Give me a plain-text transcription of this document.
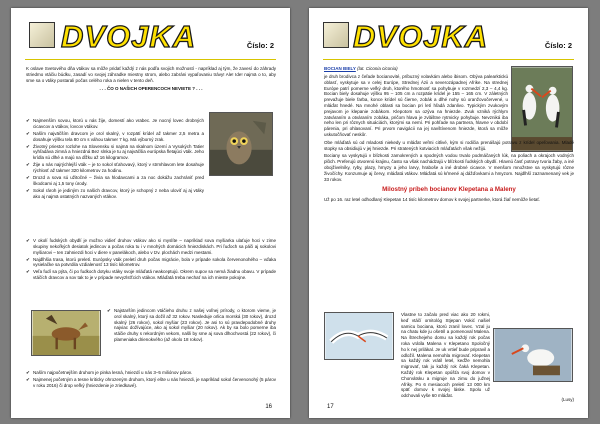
DVOJKA	Číslo: 2

K oslave Svetového dňa vtákov sa môže pridať každý z nás podľa svojich možností - napríklad aj tým, že zavesí do záhrady striedmo vtáčiu búdku, zasadí vo svojej záhradke miestny strom, alebo zabráni vypaľovaniu trávy! Ale! Ide! najmä o to, aby sme sa o vtáky postarali počas celého roka a nielen v tento deň.

. . . ČO O NAŠICH OPERENCOCH NEVIETE ? . . .
✔ Najmenším sovou, ktorú u nás žije, domestí ako vrabec. Je nocný lovec drobných cicavcov a vtákov, lovcov vtákov.
✔ Naším najväčším dravcom je orol skalný, v rozpätí krídel až takmer 2,5 metra a dosahuje výšku tela 80 cm s váhou takmer 7 kg. Má výborný zrak.
✔ Životný priestor rozlohe na Slovensku si najmä na skalnom území a Vysokých Tatier vyhľadáva zimná a hniezdná Bez slnka je tu aj najväčšia európska fletajúci vták. Jeho krídla sú dlhé a majú na dĺžku až 16 kilogramov.
✔ Žije u nás najrýchlejší vták – je to sokol sťahovavý, ktorý v strmhlavom lete dosahuje rýchlosť až takmer 320 kilometrov za hodinu.
✔ Drozd a sova sú užitočné – živia sa hlodavcami a za noc dokážu zachrániť pred škodcami aj 1,5 tony úrody.
✔ Sokol rároh je jediným zo našich dravcov, ktorý je schopný z neba uloviť aj aj vtáky ako aj najmä ostatných nazvaných vtákov.
✔ V okolí ľudských obydlí je možno vidieť druhov vtákov ako si myslíte – napríklad sova myšiarka ulaťuje hoci v zime skupiny nekoľkých desiatok jedincov a počas roka tu i v mnohých domácich hniezdiskách. Pri ľuďoch sa páči aj sokolovi myšiarovi – ten zahniezdi hoci v diere v panelákoch, alebo v tzv. plochách medzi mestami.
✔ Najdlhšia trasa, ktorú preletí. Európsky vták preletí druh počas migrácie, bola v prípade sokola červenonohého – vďaka vysielačke sa potvrdila vzdialenosť 13 tisíc kilometrov.
✔ Veľa fudí sa pýta, či po fudkoch dotyku vtáky svoje mláďatá neakceptujú. Okrem supov sa nemá žiadnu obavu. V prípade vtáčích dravcov a sov tak to je v prípade nevyzlsťťcich vtákov. Mláďatá treba nechať na ich mieste pokojne.
✔ Najstarším jedincom vtáčieho druhu z našej voľnej prírody, o ktorom vieme, je orol skalný, ktorý sa dožil až 32 rokov. Nasleduje orlica morská (30 rokov), drozd skalný (26 rokov), sokol myšiar (23 rokov). Je asi to sú pravdepodobné druhy najviac dožívajúce, ako aj sokol myšiar (20 rokov). Ak by sa bolo pomerne iba vtáčie druhy s rekordným vekom, našli by sme aj sova dlhochvostá (22 rokov), či plameniaka drienokvého (až okolo 18 rokov).
✔ Naším najpočetnejším druhom je pinka lesná, hniezdí u nás 3–5 miliónov párov.
✔ Najmenej početným a tesne kriticky ohrozeným druhom, ktorý ešte u nás hniezdi, je napríklad sokol červenonohý (5 párov v roku 2016) či drop veľký (hniezdenie je zriedkavé).
16
DVOJKA	Číslo: 2

BOCIAN BIELY (lat. Ciconia ciconia)

je druh brodivca z čeľade bocianovité, príbuzný volavkám alebo ibisom. Obýva palearktickú oblasť, vyskytuje sa v celej Európe, Strednej Ázii a severozápadnej Afrike. Na strednej Európe patrí pomerne veľký druh, ktorého hmotnosť sa pohybuje v rozmedzí 2,3 – 4,4 kg. Bocian biely dosahuje výšku 95 – 105 cm a rozpätie krídel je 155 – 165 cm. V záletných prevažuje biele farba, konce krídel sú čierne, zobák a dlhé nohy sú oranžovočervené, u mláďat hnedé. Na mnohé oblasti sa bocian pri letí hľadá zdanlivo. Typickým zvukovým prejavom je klepanie zobákom. Klepotom sa ozýva na hniezde. Zvuk vzniká rýchlym zatváraním a otváraním zobáka, pričom hlava je zvláštne rytmicky pohybuje. Nevzniká iba neho len pri rôznych situáciách, ktorými sa nemí. Pri pohľade na partnera, hlavne v období párenia, pri ohlasovaní. Pri prvom navigácii na jej navštívenom hniezde, ktorá sa môže uskutočňovať neskôr.

Obe mláďatá sú od mladosti niekedy u mláďat veľmi citlivé, kým si rodičia prenášajú potravu z krídel opeľovania. Mladé stopky sa obsidiujú v jej hniezde. Pri stratených kotviacich mláďatách však nežijú.

Bociany sa vyskytujú v blízkosti zamokrených a spodných vodou trvalo podmáčaných lúk, na poliach a okrajoch vodných plôch. Preferujú otvorenú krajinu, často sa však nachádzajú v blízkosti ľudských obydlí. Hlavnú časť potravy tvoria žaby, a iné obojživelníky, ryby, plazy, hmyzy a jeho larvy, hraboše a iné drobné cicavce. V menšom množstve sa vyskytujú rôzne živočíchy. Konzumuje aj červy, mláďatá vtákov. Mláďatá sú kŕmené aj dážďovkami a hmyzom. Najdlhší zaznamenaný vek je 33 rokov.

Milostný príbeh bocianov Klepetana a Maleny

Už po 16. raz letel odhodlaný Klepetan 14 tisíc kilometrov domov k svojej partnerke, ktorá žiaľ nemôže lietať.

Vlastne to začalo pred viac ako 20 rokmi, keď vtáčí ornitológ Stjepan Vokić našiel samicu bociana, ktorú zranil lovec. Vzal ju na chatu kde ju ošetril a pomenoval Malena. Na štrechejeho domu sa každý rok počas roka vrátila Malena v Klepetano Spoločný ho k nej prilákal. Je uk vrtieľ bude pripravil a odložil. Malena nemohla migrovať. Klepetan sa každý rok vrátil letel, keďže nemohla migrovať, tak ju každý rok čaká Klepetan. Každý rok Klepetan opúšťa svoj domov v Chorvátsku a migruje na zimu do južnej Afriky. Po 6 mesiacoch preletí 13 000 km späť domov k svojej láske. Spolu už odchovali vyše 60 mláďat.

(Lusy)
17
